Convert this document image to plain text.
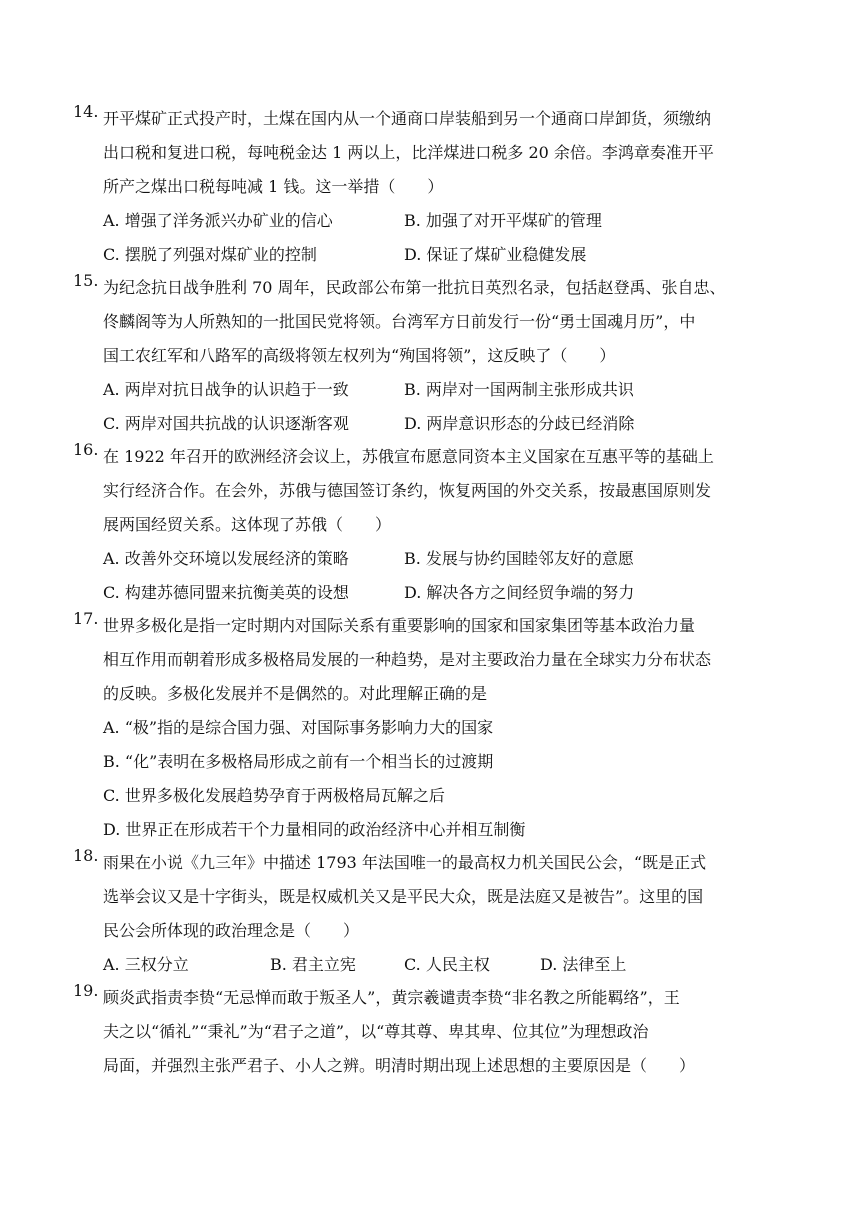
14. 开平煤矿正式投产时，土煤在国内从一个通商口岸装船到另一个通商口岸卸货，须缴纳
出口税和复进口税，每吨税金达 1 两以上，比洋煤进口税多 20 余倍。李鸿章奏准开平
所产之煤出口税每吨减 1 钱。这一举措（　　）
A. 增强了洋务派兴办矿业的信心	B. 加强了对开平煤矿的管理
C. 摆脱了列强对煤矿业的控制	D. 保证了煤矿业稳健发展
15. 为纪念抗日战争胜利 70 周年，民政部公布第一批抗日英烈名录，包括赵登禹、张自忠、
佟麟阁等为人所熟知的一批国民党将领。台湾军方日前发行一份“勇士国魂月历”，中
国工农红军和八路军的高级将领左权列为“殉国将领”，这反映了（　　）
A. 两岸对抗日战争的认识趋于一致	B. 两岸对一国两制主张形成共识
C. 两岸对国共抗战的认识逐渐客观	D. 两岸意识形态的分歧已经消除
16. 在 1922 年召开的欧洲经济会议上，苏俄宣布愿意同资本主义国家在互惠平等的基础上
实行经济合作。在会外，苏俄与德国签订条约，恢复两国的外交关系，按最惠国原则发
展两国经贸关系。这体现了苏俄（　　）
A. 改善外交环境以发展经济的策略	B. 发展与协约国睦邻友好的意愿
C. 构建苏德同盟来抗衡美英的设想	D. 解决各方之间经贸争端的努力
17. 世界多极化是指一定时期内对国际关系有重要影响的国家和国家集团等基本政治力量
相互作用而朝着形成多极格局发展的一种趋势，是对主要政治力量在全球实力分布状态
的反映。多极化发展并不是偶然的。对此理解正确的是
A. “极”指的是综合国力强、对国际事务影响力大的国家
B. “化”表明在多极格局形成之前有一个相当长的过渡期
C. 世界多极化发展趋势孕育于两极格局瓦解之后
D. 世界正在形成若干个力量相同的政治经济中心并相互制衡
18. 雨果在小说《九三年》中描述 1793 年法国唯一的最高权力机关国民公会，“既是正式
选举会议又是十字街头，既是权威机关又是平民大众，既是法庭又是被告”。这里的国
民公会所体现的政治理念是（　　）
A. 三权分立	B. 君主立宪	C. 人民主权	D. 法律至上
19. 顾炎武指责李贽“无忌惮而敢于叛圣人”，黄宗羲谴责李贽“非名教之所能羁络”，王
夫之以“循礼”“秉礼”为“君子之道”，以“尊其尊、卑其卑、位其位”为理想政治
局面，并强烈主张严君子、小人之辨。明清时期出现上述思想的主要原因是（　　）
